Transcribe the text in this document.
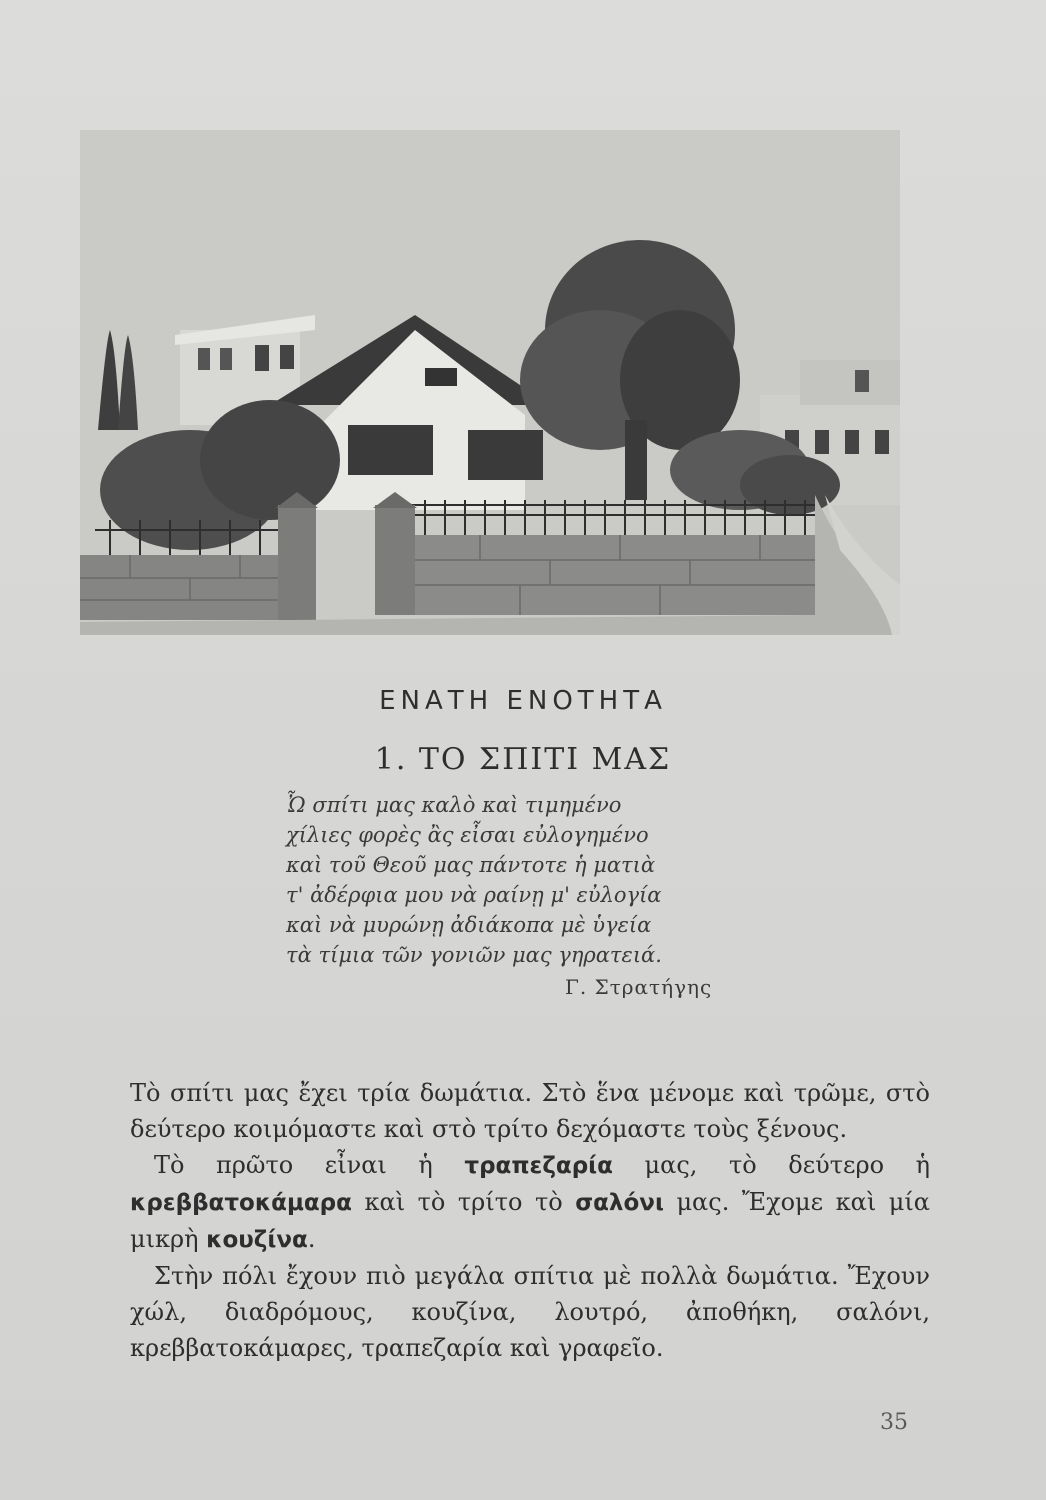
ΕΝΑΤΗ ΕΝΟΤΗΤΑ
1. ΤΟ ΣΠΙΤΙ ΜΑΣ
Ὦ σπίτι μας καλὸ καὶ τιμημένο
χίλιες φορὲς ἂς εἶσαι εὐλογημένο
καὶ τοῦ Θεοῦ μας πάντοτε ἡ ματιὰ
τ' ἀδέρφια μου νὰ ραίνῃ μ' εὐλογία
καὶ νὰ μυρώνῃ ἀδιάκοπα μὲ ὑγεία
τὰ τίμια τῶν γονιῶν μας γηρατειά.
Γ. Στρατήγης

Τὸ σπίτι μας ἔχει τρία δωμάτια. Στὸ ἕνα μένομε καὶ τρῶμε, στὸ δεύτερο κοιμόμαστε καὶ στὸ τρίτο δεχόμαστε τοὺς ξένους.

Τὸ πρῶτο εἶναι ἡ τραπεζαρία μας, τὸ δεύτερο ἡ κρεββατοκάμαρα καὶ τὸ τρίτο τὸ σαλόνι μας. Ἔχομε καὶ μία μικρὴ κουζίνα.

Στὴν πόλι ἔχουν πιὸ μεγάλα σπίτια μὲ πολλὰ δωμάτια. Ἔχουν χώλ, διαδρόμους, κουζίνα, λουτρό, ἀποθήκη, σαλόνι, κρεββατοκάμαρες, τραπεζαρία καὶ γραφεῖο.

35
